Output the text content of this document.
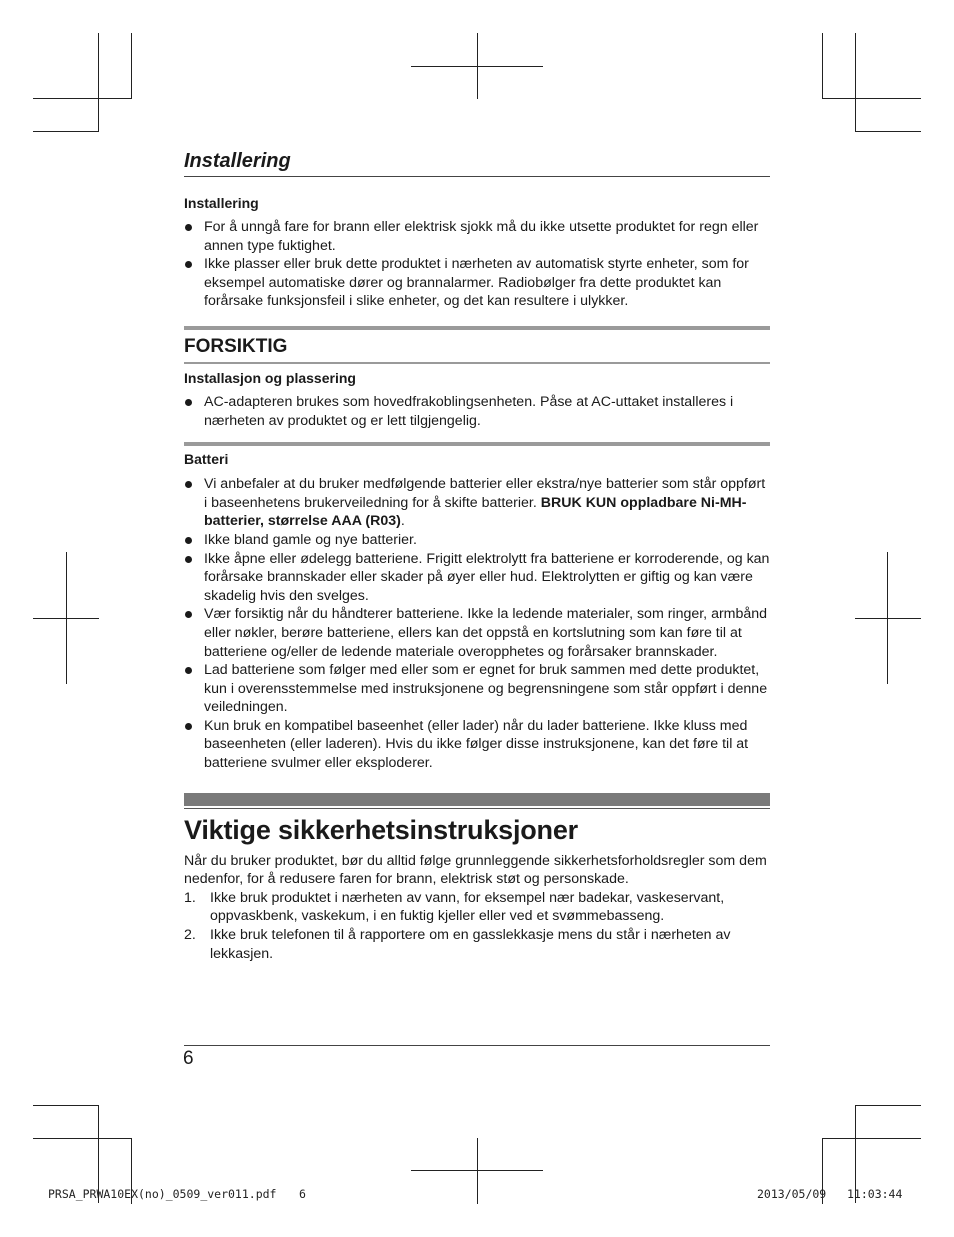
Installering

Installering

For å unngå fare for brann eller elektrisk sjokk må du ikke utsette produktet for regn eller annen type fuktighet.
Ikke plasser eller bruk dette produktet i nærheten av automatisk styrte enheter, som for eksempel automatiske dører og brannalarmer. Radiobølger fra dette produktet kan forårsake funksjonsfeil i slike enheter, og det kan resultere i ulykker.

FORSIKTIG

Installasjon og plassering

AC-adapteren brukes som hovedfrakoblingsenheten. Påse at AC-uttaket installeres i nærheten av produktet og er lett tilgjengelig.

Batteri

Vi anbefaler at du bruker medfølgende batterier eller ekstra/nye batterier som står oppført i baseenhetens brukerveiledning for å skifte batterier. BRUK KUN oppladbare Ni-MH-batterier, størrelse AAA (R03).
Ikke bland gamle og nye batterier.
Ikke åpne eller ødelegg batteriene. Frigitt elektrolytt fra batteriene er korroderende, og kan forårsake brannskader eller skader på øyer eller hud. Elektrolytten er giftig og kan være skadelig hvis den svelges.
Vær forsiktig når du håndterer batteriene. Ikke la ledende materialer, som ringer, armbånd eller nøkler, berøre batteriene, ellers kan det oppstå en kortslutning som kan føre til at batteriene og/eller de ledende materiale overopphetes og forårsaker brannskader.
Lad batteriene som følger med eller som er egnet for bruk sammen med dette produktet, kun i overensstemmelse med instruksjonene og begrensningene som står oppført i denne veiledningen.
Kun bruk en kompatibel baseenhet (eller lader) når du lader batteriene. Ikke kluss med baseenheten (eller laderen). Hvis du ikke følger disse instruksjonene, kan det føre til at batteriene svulmer eller eksploderer.
Viktige sikkerhetsinstruksjoner

Når du bruker produktet, bør du alltid følge grunnleggende sikkerhetsforholdsregler som dem nedenfor, for å redusere faren for brann, elektrisk støt og personskade.

1. Ikke bruk produktet i nærheten av vann, for eksempel nær badekar, vaskeservant, oppvaskbenk, vaskekum, i en fuktig kjeller eller ved et svømmebasseng.
2. Ikke bruk telefonen til å rapportere om en gasslekkasje mens du står i nærheten av lekkasjen.
6
PRSA_PRWA10EX(no)_0509_ver011.pdf 6	2013/05/09 11:03:44
